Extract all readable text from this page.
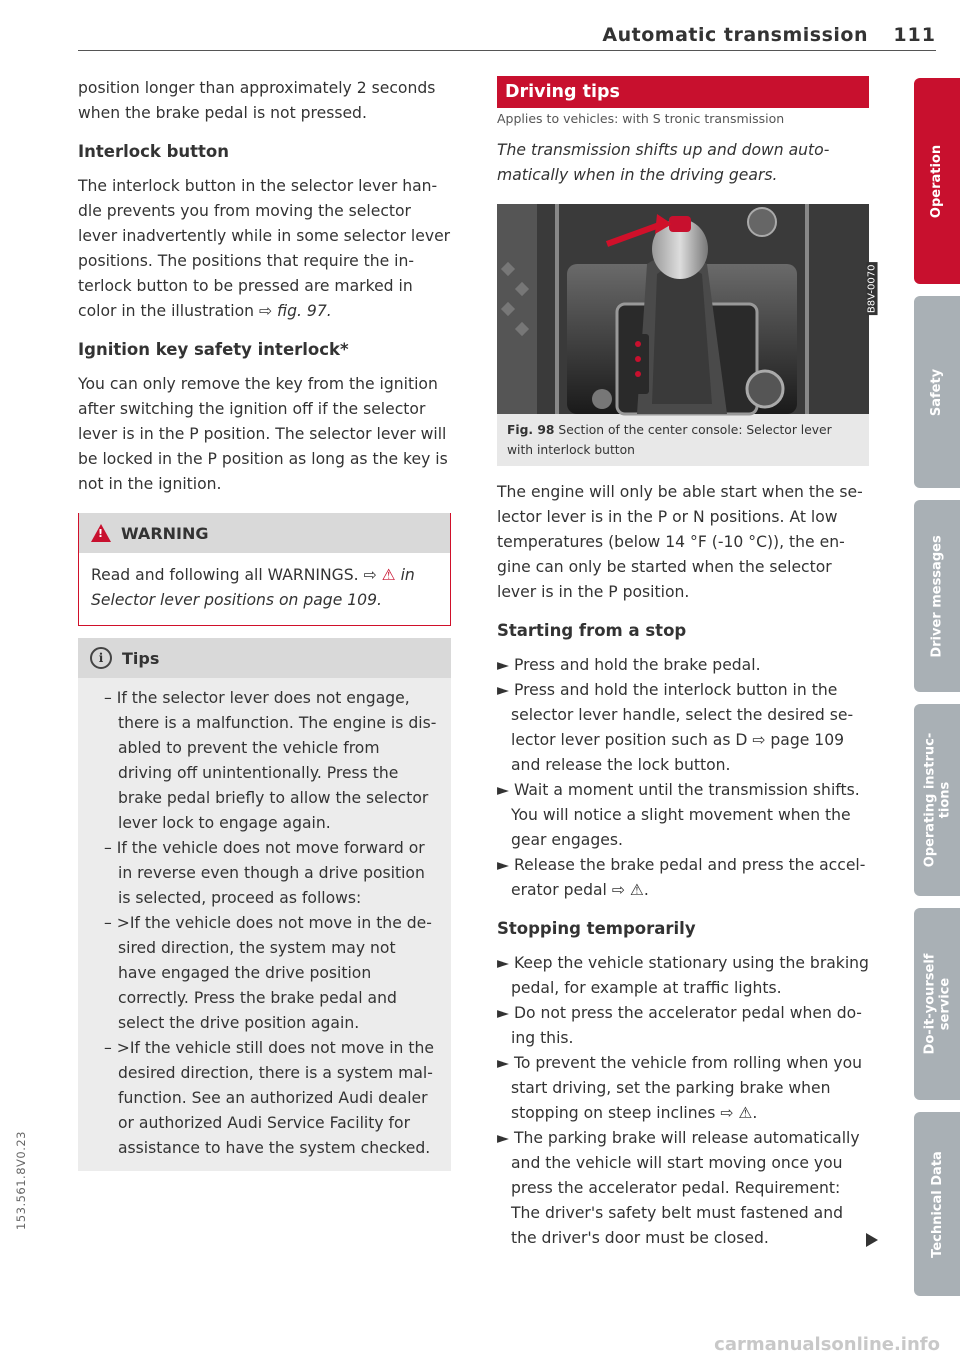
Automatic transmission 111

position longer than approximately 2 seconds when the brake pedal is not pressed.

Interlock button

The interlock button in the selector lever handle prevents you from moving the selector lever inadvertently while in some selector lever positions. The positions that require the interlock button to be pressed are marked in color in the illustration ⇨ fig. 97.

Ignition key safety interlock*

You can only remove the key from the ignition after switching the ignition off if the selector lever is in the P position. The selector lever will be locked in the P position as long as the key is not in the ignition.

!
WARNING
Read and following all WARNINGS. ⇨ ⚠ in Selector lever positions on page 109.
i	Tips
– If the selector lever does not engage, there is a malfunction. The engine is disabled to prevent the vehicle from driving off unintentionally. Press the brake pedal briefly to allow the selector lever lock to engage again.
– If the vehicle does not move forward or in reverse even though a drive position is selected, proceed as follows:
– >If the vehicle does not move in the desired direction, the system may not have engaged the drive position correctly. Press the brake pedal and select the drive position again.
– >If the vehicle still does not move in the desired direction, there is a system malfunction. See an authorized Audi dealer or authorized Audi Service Facility for assistance to have the system checked.
Driving tips
Applies to vehicles: with S tronic transmission
The transmission shifts up and down automatically when in the driving gears.
B8V-0070
Fig. 98 Section of the center console: Selector lever with interlock button

The engine will only be able start when the selector lever is in the P or N positions. At low temperatures (below 14 °F (-10 °C)), the engine can only be started when the selector lever is in the P position.

Starting from a stop
► Press and hold the brake pedal.
► Press and hold the interlock button in the selector lever handle, select the desired selector lever position such as D ⇨ page 109 and release the lock button.
► Wait a moment until the transmission shifts. You will notice a slight movement when the gear engages.
► Release the brake pedal and press the accelerator pedal ⇨ ⚠.
Stopping temporarily
► Keep the vehicle stationary using the braking pedal, for example at traffic lights.
► Do not press the accelerator pedal when doing this.
► To prevent the vehicle from rolling when you start driving, set the parking brake when stopping on steep inclines ⇨ ⚠.
► The parking brake will release automatically and the vehicle will start moving once you press the accelerator pedal. Requirement: The driver's safety belt must fastened and the driver's door must be closed.
Operation
Safety
Driver messages
Operating instruc-
tions
Do-it-yourself
service
Technical Data
153.561.8V0.23
carmanualsonline.info
